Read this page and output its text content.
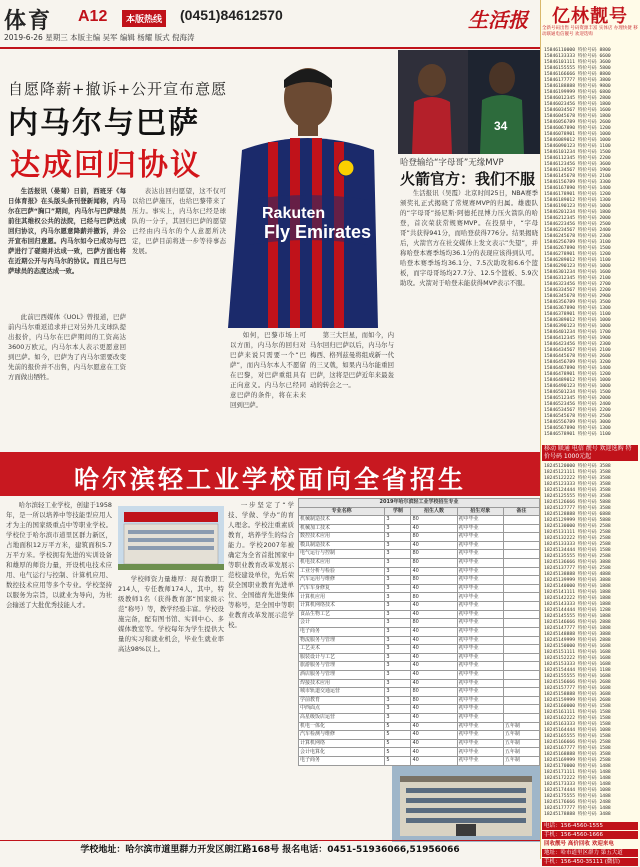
体育 A12	本版热线 (0451)84612570	生活报
2019-6-26 星期三 本版主编 吴军 编辑 杨耀 版式 倪海涛
Rakuten
Fly Emirates
34
哈登输给“字母哥”无缘MVP
火箭官方：我们不服

生活报讯（吴霞）北京时间25日，NBA赛季颁奖礼正式揭晓了常规赛MVP的归属。雄鹿队的“字母哥”扬尼斯·阿德托昆博力压火箭队的哈登，首次荣获常规赛MVP。在投票中，“字母哥”共获得941分，而哈登获得776分。结果揭晓后，火箭官方在社交媒体上发文表示“失望”，并称哈登本赛季场均36.1分的表现应该得到认可。哈登本赛季场均36.1分、7.5次助攻和6.6个篮板，而字母哥场均27.7分、12.5个篮板、5.9次助攻。火箭对于哈登未能获得MVP表示不服。

自愿降薪+撤诉+公开宣布意愿
内马尔与巴萨
达成回归协议

生活报讯（晏菊）日前，西班牙《每日体育报》在头版头条刊登新闻称，内马尔在巴萨“胸口”期间，内马尔与巴萨球员前往其维权公共的法院，已经与巴萨达成回归协议，内马尔愿意降薪并撤诉，并公开宣布回归意愿。内马尔如今已成功与巴萨进行了磋商并达成一致，巴萨方面也将在近期公开与内马尔的协议。而且已与巴萨球员的态度达成一致。

此前巴西媒体《UOL》曾报道，巴萨前内马尔重返追求并已对另外几支球队提出报价，内马尔在巴萨期间的工资高达3600万欧元，内马尔本人表示更愿意回到巴萨。如今，巴萨为了内马尔需要改变先前的报价并不出售，内马尔愿意在工资方面做出牺牲。

表达出回归愿望，这不仅可以给巴萨施压，也给巴黎带来了压力。事实上，内马尔已经是球队的一分子，其回归巴萨的愿望已经由内马尔的个人意愿所决定，巴萨目前将进一步等待事态发展。

如何，巴黎市场上可以方面，内马尔的回归对巴萨来说只需要一个“巴萨”，而内马尔本人不愿留在巴黎，对巴萨重组具有正向意义。内马尔已经同意巴萨的条件，将在未来回到巴萨。

第三大巨星，而如今，内马尔回归巴萨以后，内马尔与梅西、格列兹曼将组成新一代的三叉戟，如果内马尔能重回巴萨，这将是巴萨近年来最轰动的转会之一。

哈尔滨轻工业学校面向全省招生

哈尔滨轻工业学校，创建于1958年，是一所以培养中等技能型应用人才为主的国家级重点中等职业学校。学校位于哈尔滨市道里区群力新区，占地面积12万平方米，建筑面积5.7万平方米。学校拥有先进的实训设备和雄厚的师资力量，开设机电技术应用、电气运行与控制、计算机应用、数控技术应用等多个专业。学校坚持以服务为宗旨，以就业为导向，为社会输送了大批优秀技能人才。

学校师资力量雄厚：现有教职工214人，专任教师174人，其中，特级教师1名（获得教育部“国家级示范”称号）等，教学经验丰富。学校设施完备，配有图书馆、实训中心、多媒体教室等。学校每年为学生提供大量的实习和就业机会，毕业生就业率高达98%以上。

一步坚定了“学技、学做、学办”的育人理念。学校注重素质教育，培养学生的综合能力。学校2007年被确定为全省首批国家中等职业教育改革发展示范校建设单位，先后荣获全国职业教育先进单位、全国德育先进集体等称号，是全国中等职业教育改革发展示范学校。

2019年哈尔滨轻工业学校招生专业				
专业名称	学制	招生人数	招生对象	备注
机械制造技术	3	80	初中毕业	
机械加工技术	3	40	初中毕业	
数控技术应用	3	80	初中毕业	
模具制造技术	3	40	初中毕业	
电气运行与控制	3	80	初中毕业	
机电技术应用	3	80	初中毕业	
工业分析与检验	3	40	初中毕业	
汽车运用与维修	3	80	初中毕业	
汽车车身修复	3	40	初中毕业	
计算机应用	3	80	初中毕业	
计算机网络技术	3	40	初中毕业	
食品生物工艺	3	40	初中毕业	
会计	3	80	初中毕业	
电子商务	3	40	初中毕业	
物流服务与管理	3	40	初中毕业	
工艺美术	3	40	初中毕业	
服装设计与工艺	3	40	初中毕业	
旅游服务与管理	3	40	初中毕业	
酒店服务与管理	3	40	初中毕业	
焊接技术应用	3	40	初中毕业	
城市轨道交通运营	3	80	初中毕业	
学前教育	3	80	初中毕业	
中西面点	3	40	初中毕业	
高星级饭店运营	3	40	初中毕业	
机电一体化	5	40	初中毕业	五年制
汽车检测与维修	5	40	初中毕业	五年制
计算机网络	5	40	初中毕业	五年制
会计电算化	5	40	初中毕业	五年制
电子商务	5	40	初中毕业	五年制
学校地址：哈尔滨市道里群力开发区朗江路168号 报名电话：0451-51936066,51956066
亿林靓号
全新号码出售 号码资源丰富 实体店 办理快捷 移动联通电信靓号 欢迎选购
15846110000 特价号码 8800
15846133333 特价号码 6600
15846101111 特价号码 3600
15846155555 特价号码 5800
15846166666 特价号码 8800
15846177777 特价号码 3800
15846188888 特价号码 9800
15846199999 特价号码 6800
15846012345 特价号码 2800
15846023456 特价号码 1800
15846034567 特价号码 1600
15846045678 特价号码 1800
15846056789 特价号码 2600
15846067890 特价号码 1200
15846078901 特价号码 1000
15846089012 特价号码 1000
15846090123 特价号码 1100
15846101234 特价号码 1500
15846112345 特价号码 2200
15846123456 特价号码 3600
15846134567 特价号码 1900
15846145678 特价号码 2100
15846156789 特价号码 3300
15846167890 特价号码 1400
15846178901 特价号码 1200
15846189012 特价号码 1300
15846190123 特价号码 1000
15846201234 特价号码 1800
15846212345 特价号码 2000
15846223456 特价号码 2500
15846234567 特价号码 2400
15846245678 特价号码 2300
15846256789 特价号码 3100
15846267890 特价号码 1500
15846278901 特价号码 1200
15846289012 特价号码 1100
15846290123 特价号码 1000
15846301234 特价号码 1600
15846312345 特价号码 2100
15846323456 特价号码 2700
15846334567 特价号码 2200
15846345678 特价号码 2900
15846356789 特价号码 3500
15846367890 特价号码 1300
15846378901 特价号码 1100
15846389012 特价号码 1000
15846390123 特价号码 1000
15846401234 特价号码 1700
15846412345 特价号码 1900
15846423456 特价号码 2300
15846434567 特价号码 2100
15846445678 特价号码 2600
15846456789 特价号码 3200
15846467890 特价号码 1400
15846478901 特价号码 1200
15846489012 特价号码 1000
15846490123 特价号码 1000
15846501234 特价号码 1500
15846512345 特价号码 2000
15846523456 特价号码 2400
15846534567 特价号码 2200
15846545678 特价号码 2500
15846556789 特价号码 3000
15846567890 特价号码 1300
15846578901 特价号码 1100
移动 联通 电信 靓号 欢迎选购 特价号码 1000元起
18245120000 特价号码 3588
18245121111 特价号码 3588
18245122222 特价号码 3588
18245123333 特价号码 3588
18245124444 特价号码 3588
18245125555 特价号码 3588
18245126666 特价号码 5888
18245127777 特价号码 3588
18245128888 特价号码 6888
18245129999 特价号码 5888
18245130000 特价号码 2588
18245131111 特价号码 2588
18245132222 特价号码 2588
18245133333 特价号码 2588
18245134444 特价号码 1588
18245135555 特价号码 2588
18245136666 特价号码 3888
18245137777 特价号码 2588
18245138888 特价号码 4888
18245139999 特价号码 3888
18245140000 特价号码 1888
18245141111 特价号码 1888
18245142222 特价号码 1888
18245143333 特价号码 1888
18245144444 特价号码 1288
18245145555 特价号码 1888
18245146666 特价号码 2888
18245147777 特价号码 1888
18245148888 特价号码 3888
18245149999 特价号码 2888
18245150000 特价号码 1688
18245151111 特价号码 1688
18245152222 特价号码 1688
18245153333 特价号码 1688
18245154444 特价号码 1188
18245155555 特价号码 1688
18245156666 特价号码 2688
18245157777 特价号码 1688
18245158888 特价号码 3688
18245159999 特价号码 2688
18245160000 特价号码 1588
18245161111 特价号码 1588
18245162222 特价号码 1588
18245163333 特价号码 1588
18245164444 特价号码 1088
18245165555 特价号码 1588
18245166666 特价号码 2588
18245167777 特价号码 1588
18245168888 特价号码 3588
18245169999 特价号码 2588
18245170000 特价号码 1488
18245171111 特价号码 1488
18245172222 特价号码 1488
18245173333 特价号码 1488
18245174444 特价号码 1088
18245175555 特价号码 1488
18245176666 特价号码 2488
18245177777 特价号码 1488
18245178888 特价号码 3488
电话：156-4560-1555
手机：156-4560-1666
回收靓号 高价回收 欢迎来电
地址：哈市道里区群力 第五大道
手机：156-450-35111 (微信)
